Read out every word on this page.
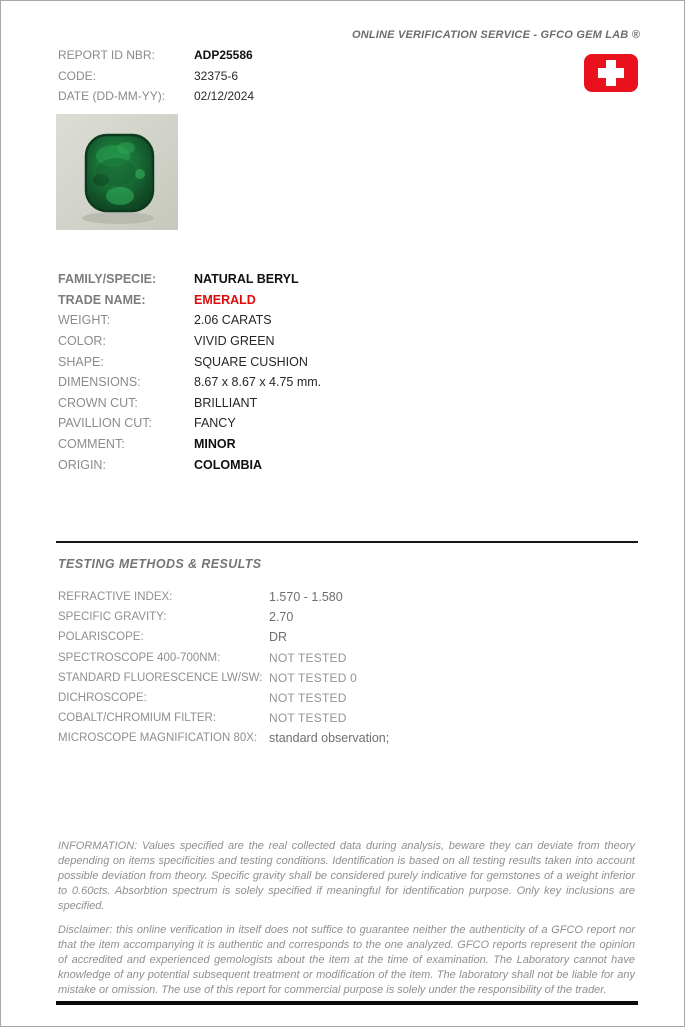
ONLINE VERIFICATION SERVICE - GFCO GEM LAB ®
REPORT ID NBR:	ADP25586
CODE:	32375-6
DATE (DD-MM-YY):	02/12/2024
FAMILY/SPECIE:	NATURAL BERYL
TRADE NAME:	EMERALD
WEIGHT:	2.06 CARATS
COLOR:	VIVID GREEN
SHAPE:	SQUARE CUSHION
DIMENSIONS:	8.67 x 8.67 x 4.75 mm.
CROWN CUT:	BRILLIANT
PAVILLION CUT:	FANCY
COMMENT:	MINOR
ORIGIN:	COLOMBIA
TESTING METHODS & RESULTS
REFRACTIVE INDEX:	1.570 - 1.580
SPECIFIC GRAVITY:	2.70
POLARISCOPE:	DR
SPECTROSCOPE 400-700NM:	NOT TESTED
STANDARD FLUORESCENCE LW/SW: NOT TESTED 0
DICHROSCOPE:	NOT TESTED
COBALT/CHROMIUM FILTER:	NOT TESTED
MICROSCOPE MAGNIFICATION 80X: standard observation;
INFORMATION: Values specified are the real collected data during analysis, beware they can deviate from theory depending on items specificities and testing conditions. Identification is based on all testing results taken into account possible deviation from theory. Specific gravity shall be considered purely indicative for gemstones of a weight inferior to 0.60cts. Absorbtion spectrum is solely specified if meaningful for identification purpose. Only key inclusions are specified.
Disclaimer: this online verification in itself does not suffice to guarantee neither the authenticity of a GFCO report nor that the item accompanying it is authentic and corresponds to the one analyzed. GFCO reports represent the opinion of accredited and experienced gemologists about the item at the time of examination. The Laboratory cannot have knowledge of any potential subsequent treatment or modification of the item. The laboratory shall not be liable for any mistake or omission. The use of this report for commercial purpose is solely under the responsibility of the trader.
